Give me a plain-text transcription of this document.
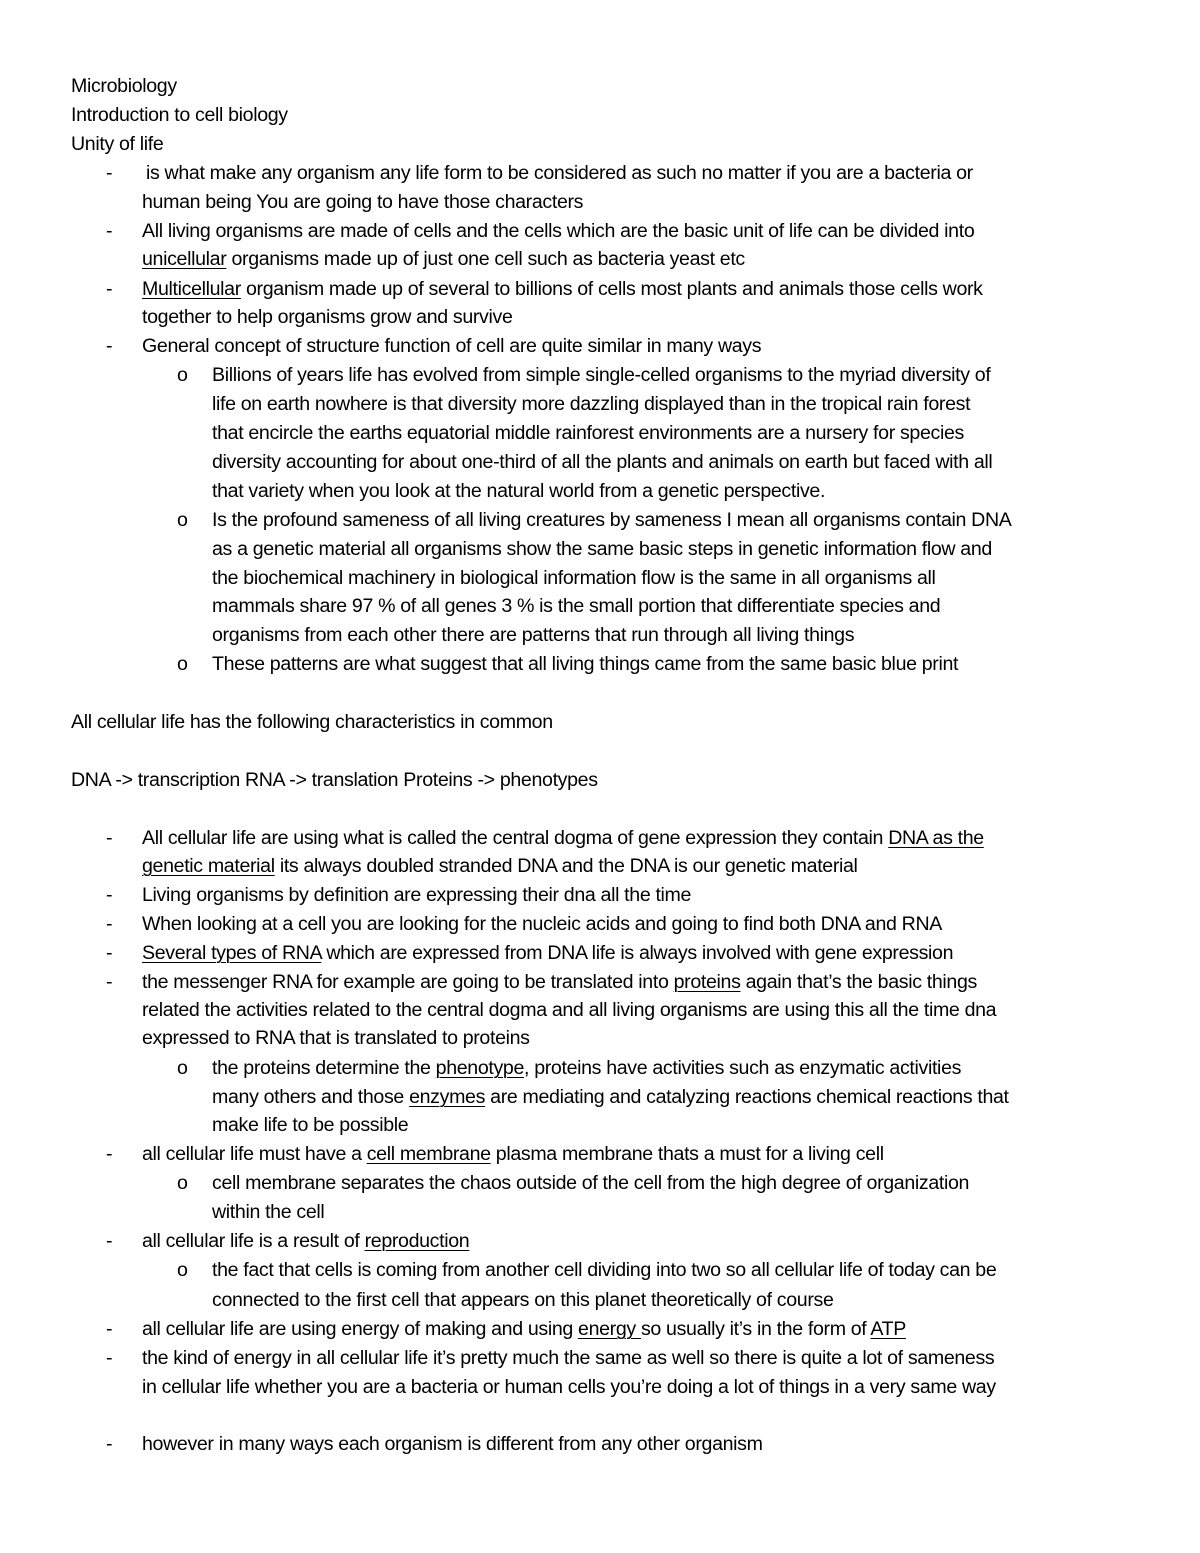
Microbiology
Introduction to cell biology
Unity of life
- is what make any organism any life form to be considered as such no matter if you are a bacteria or
human being You are going to have those characters
- All living organisms are made of cells and the cells which are the basic unit of life can be divided into
unicellular organisms made up of just one cell such as bacteria yeast etc
- Multicellular organism made up of several to billions of cells most plants and animals those cells work
together to help organisms grow and survive
- General concept of structure function of cell are quite similar in many ways
o Billions of years life has evolved from simple single-celled organisms to the myriad diversity of
life on earth nowhere is that diversity more dazzling displayed than in the tropical rain forest
that encircle the earths equatorial middle rainforest environments are a nursery for species
diversity accounting for about one-third of all the plants and animals on earth but faced with all
that variety when you look at the natural world from a genetic perspective.
o Is the profound sameness of all living creatures by sameness I mean all organisms contain DNA
as a genetic material all organisms show the same basic steps in genetic information flow and
the biochemical machinery in biological information flow is the same in all organisms all
mammals share 97 % of all genes 3 % is the small portion that differentiate species and
organisms from each other there are patterns that run through all living things
o These patterns are what suggest that all living things came from the same basic blue print
All cellular life has the following characteristics in common
DNA -> transcription RNA -> translation Proteins -> phenotypes
- All cellular life are using what is called the central dogma of gene expression they contain DNA as the
genetic material its always doubled stranded DNA and the DNA is our genetic material
- Living organisms by definition are expressing their dna all the time
- When looking at a cell you are looking for the nucleic acids and going to find both DNA and RNA
- Several types of RNA which are expressed from DNA life is always involved with gene expression
- the messenger RNA for example are going to be translated into proteins again that’s the basic things
related the activities related to the central dogma and all living organisms are using this all the time dna
expressed to RNA that is translated to proteins
o the proteins determine the phenotype, proteins have activities such as enzymatic activities
many others and those enzymes are mediating and catalyzing reactions chemical reactions that
make life to be possible
- all cellular life must have a cell membrane plasma membrane thats a must for a living cell
o cell membrane separates the chaos outside of the cell from the high degree of organization
within the cell
- all cellular life is a result of reproduction
o the fact that cells is coming from another cell dividing into two so all cellular life of today can be
connected to the first cell that appears on this planet theoretically of course
- all cellular life are using energy of making and using energy so usually it’s in the form of ATP
- the kind of energy in all cellular life it’s pretty much the same as well so there is quite a lot of sameness
in cellular life whether you are a bacteria or human cells you’re doing a lot of things in a very same way
- however in many ways each organism is different from any other organism
